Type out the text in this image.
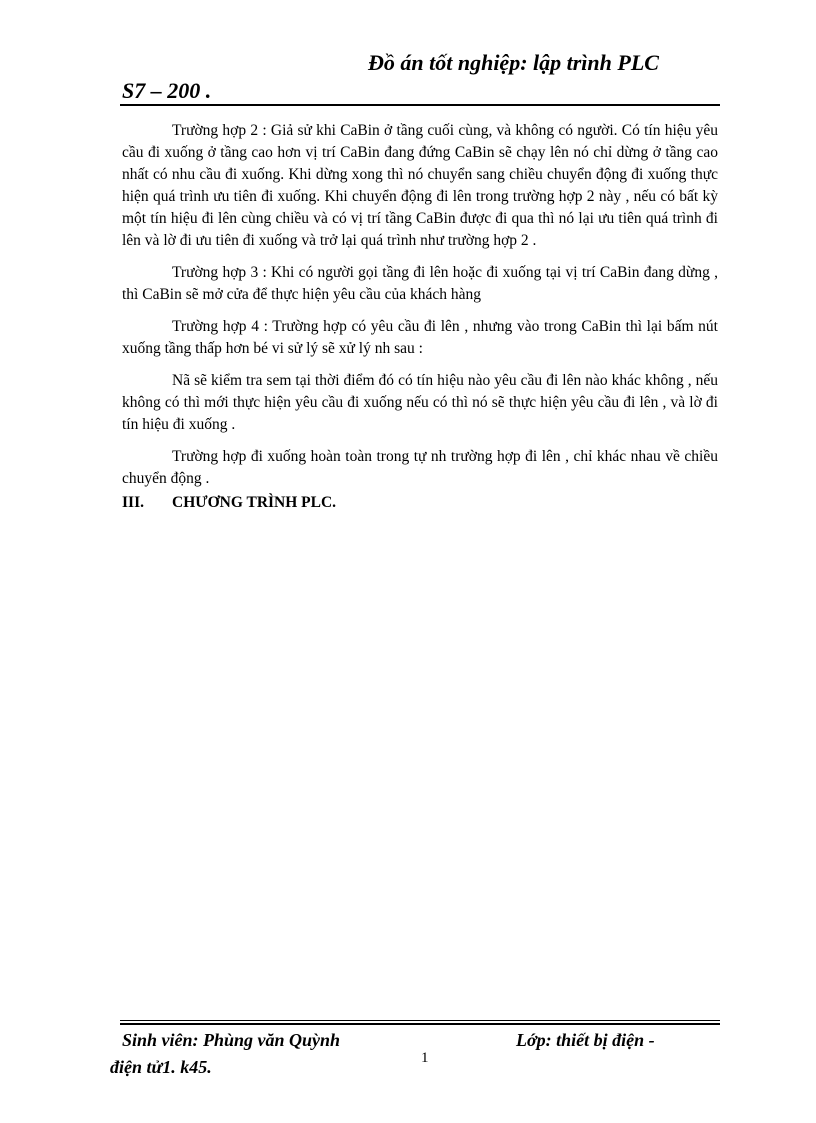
Đồ án tốt nghiệp: lập trình PLC
S7 – 200 .

Trường hợp 2 : Giả sử khi CaBin ở tầng cuối cùng, và không có người. Có tín hiệu yêu cầu đi xuống ở tầng cao hơn vị trí CaBin đang đứng CaBin sẽ chạy lên nó chỉ dừng ở tầng cao nhất có nhu cầu đi xuống. Khi dừng xong thì nó chuyển sang chiều chuyển động đi xuống thực hiện quá trình ưu tiên đi xuống. Khi chuyển động đi lên trong trường hợp 2 này , nếu có bất kỳ một tín hiệu đi lên cùng chiều và có vị trí tầng CaBin được đi qua thì nó lại ưu tiên quá trình đi lên và lờ đi ưu tiên đi xuống và trở lại quá trình như trường hợp 2 .

Trường hợp 3 : Khi có người gọi tầng đi lên hoặc đi xuống tại vị trí CaBin đang dừng , thì CaBin sẽ mở cửa để thực hiện yêu cầu của khách hàng

Trường hợp 4 : Trường hợp có yêu cầu đi lên , nhưng vào trong CaBin thì lại bấm nút xuống tầng thấp hơn bé vi sử lý sẽ xử lý nh sau :

Nã sẽ kiểm tra sem tại thời điểm đó có tín hiệu nào yêu cầu đi lên nào khác không , nếu không có thì mới thực hiện yêu cầu đi xuống nếu có thì nó sẽ thực hiện yêu cầu đi lên , và lờ đi tín hiệu đi xuống .

Trường hợp đi xuống hoàn toàn trong tự nh trường hợp đi lên , chỉ khác nhau về chiều chuyển động .

III.	CHƯƠNG TRÌNH PLC.
Sinh viên: Phùng văn Quỳnh	Lớp: thiết bị điện -
điện tử1. k45.	1
